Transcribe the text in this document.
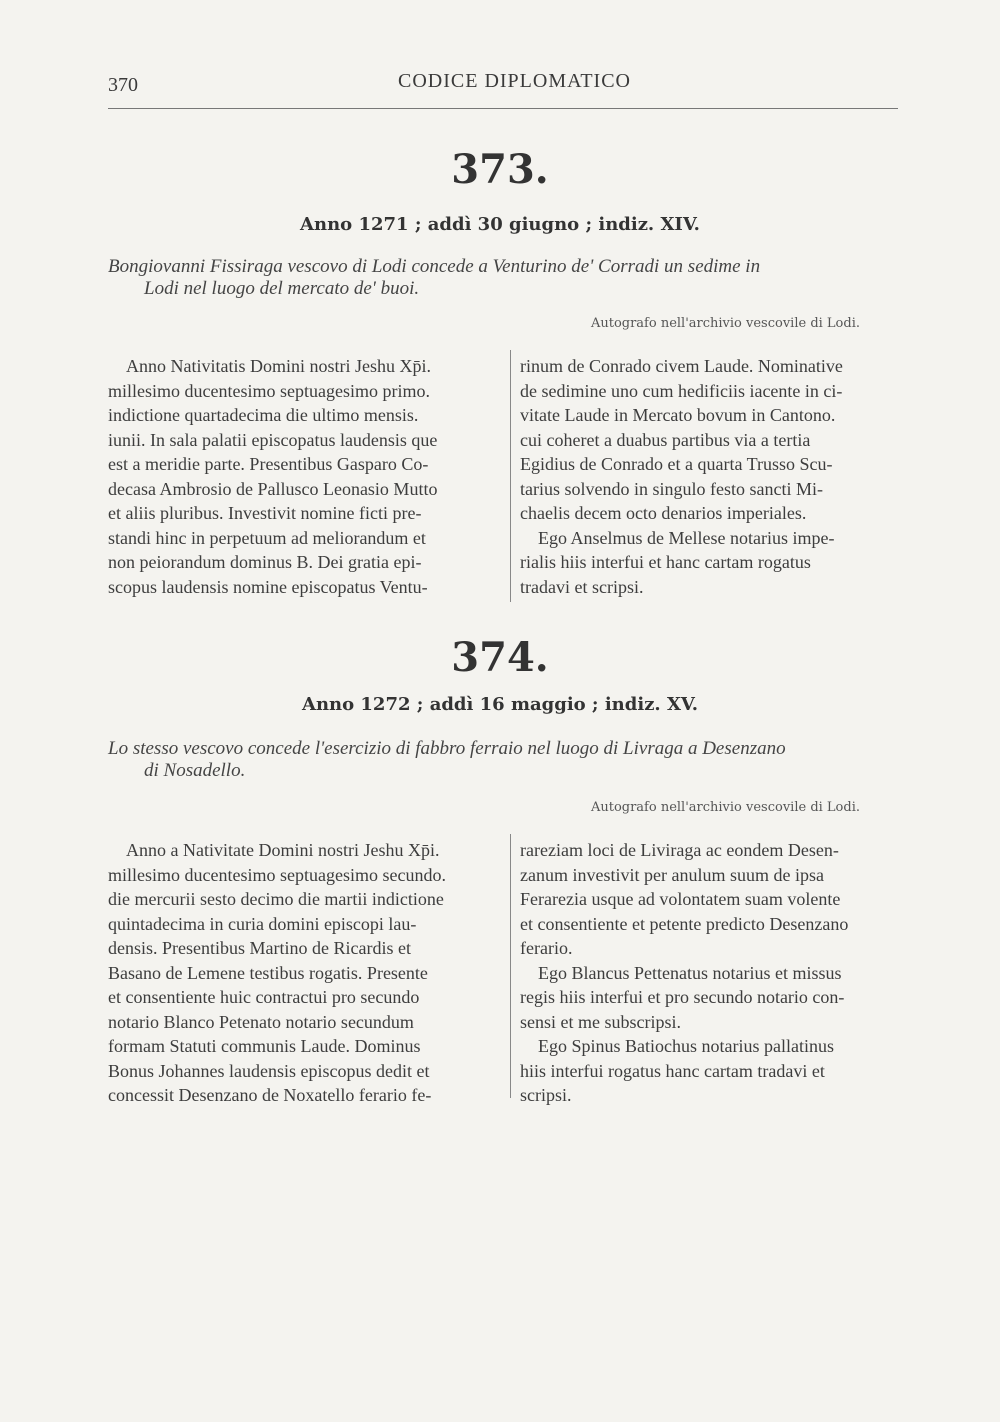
370	CODICE DIPLOMATICO
373.
Anno 1271 ; addì 30 giugno ; indiz. XIV.
Bongiovanni Fissiraga vescovo di Lodi concede a Venturino de' Corradi un sedime in
Lodi nel luogo del mercato de' buoi.
Autografo nell'archivio vescovile di Lodi.
Anno Nativitatis Domini nostri Jeshu Xp̄i.
millesimo ducentesimo septuagesimo primo.
indictione quartadecima die ultimo mensis.
iunii. In sala palatii episcopatus laudensis que
est a meridie parte. Presentibus Gasparo Co-
decasa Ambrosio de Pallusco Leonasio Mutto
et aliis pluribus. Investivit nomine ficti pre-
standi hinc in perpetuum ad meliorandum et
non peiorandum dominus B. Dei gratia epi-
scopus laudensis nomine episcopatus Ventu-
rinum de Conrado civem Laude. Nominative
de sedimine uno cum hedificiis iacente in ci-
vitate Laude in Mercato bovum in Cantono.
cui coheret a duabus partibus via a tertia
Egidius de Conrado et a quarta Trusso Scu-
tarius solvendo in singulo festo sancti Mi-
chaelis decem octo denarios imperiales.
Ego Anselmus de Mellese notarius impe-
rialis hiis interfui et hanc cartam rogatus
tradavi et scripsi.
374.
Anno 1272 ; addì 16 maggio ; indiz. XV.
Lo stesso vescovo concede l'esercizio di fabbro ferraio nel luogo di Livraga a Desenzano
di Nosadello.
Autografo nell'archivio vescovile di Lodi.
Anno a Nativitate Domini nostri Jeshu Xp̄i.
millesimo ducentesimo septuagesimo secundo.
die mercurii sesto decimo die martii indictione
quintadecima in curia domini episcopi lau-
densis. Presentibus Martino de Ricardis et
Basano de Lemene testibus rogatis. Presente
et consentiente huic contractui pro secundo
notario Blanco Petenato notario secundum
formam Statuti communis Laude. Dominus
Bonus Johannes laudensis episcopus dedit et
concessit Desenzano de Noxatello ferario fe-
rareziam loci de Liviraga ac eondem Desen-
zanum investivit per anulum suum de ipsa
Ferarezia usque ad volontatem suam volente
et consentiente et petente predicto Desenzano
ferario.
Ego Blancus Pettenatus notarius et missus
regis hiis interfui et pro secundo notario con-
sensi et me subscripsi.
Ego Spinus Batiochus notarius pallatinus
hiis interfui rogatus hanc cartam tradavi et
scripsi.
